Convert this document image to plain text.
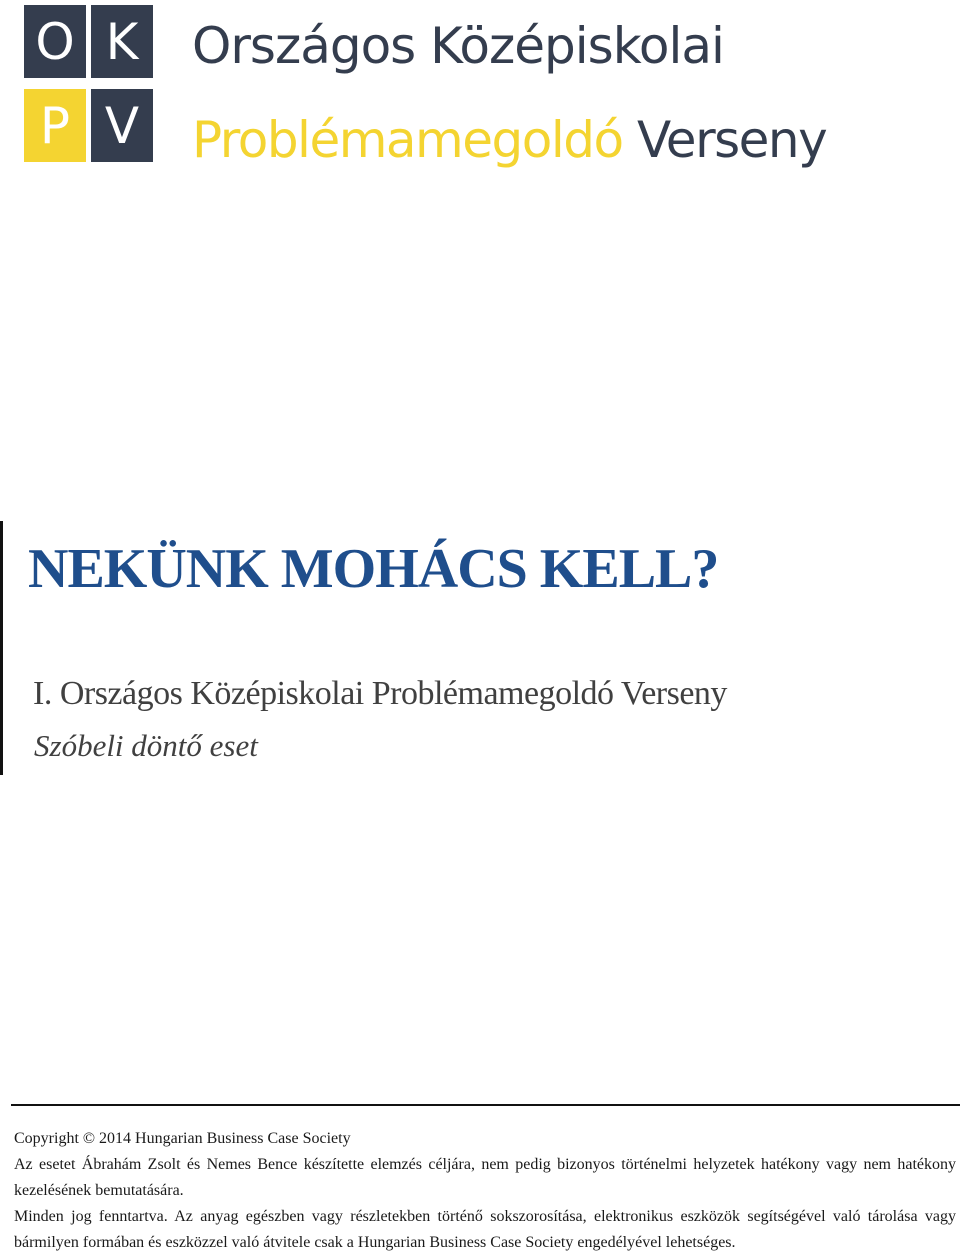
O K
P V
Országos Középiskolai
Problémamegoldó Verseny
NEKÜNK MOHÁCS KELL?
I. Országos Középiskolai Problémamegoldó Verseny
Szóbeli döntő eset

Copyright © 2014 Hungarian Business Case Society

Az esetet Ábrahám Zsolt és Nemes Bence készítette elemzés céljára, nem pedig bizonyos történelmi helyzetek hatékony vagy nem hatékony kezelésének bemutatására.

Minden jog fenntartva. Az anyag egészben vagy részletekben történő sokszorosítása, elektronikus eszközök segítségével való tárolása vagy bármilyen formában és eszközzel való átvitele csak a Hungarian Business Case Society engedélyével lehetséges.
